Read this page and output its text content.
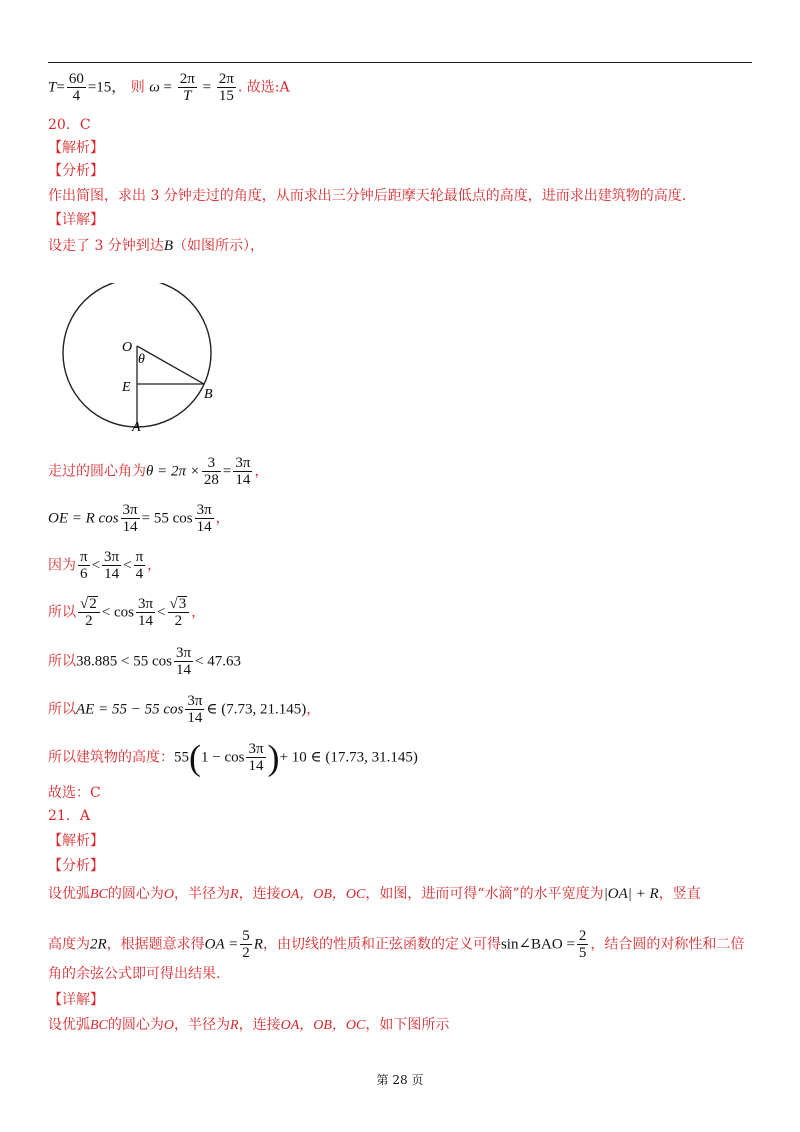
$T= \frac{60}{4} =15$， 则 $\omega = \frac{2\pi}{T} = \frac{2\pi}{15}$ . 故选:A
20．C
【解析】
【分析】
作出简图，求出 3 分钟走过的角度，从而求出三分钟后距摩天轮最低点的高度，进而求出建筑物的高度.
【详解】
设走了 3 分钟到达B（如图所示），
O
θ
E	B
A
走过的圆心角为$\theta = 2\pi \times \frac{3}{28} = \frac{3\pi}{14}$ ，
OE = R $\cos \frac{3\pi}{14} = 55$ $\cos \frac{3\pi}{14}$ ，
因为 $\frac{\pi}{6} < \frac{3\pi}{14} < \frac{\pi}{4}$ ，
所以 $\frac{√2}{2} < \cos \frac{3\pi}{14} < \frac{√3}{2}$ ，
所以38.885 < 55 $\cos \frac{3\pi}{14} < 47.63$
所以AE = 55 − 55 $\cos \frac{3\pi}{14}$ ∈ (7.73, 21.145)，
所以建筑物的高度：$55(1 - \cos \frac{3\pi}{14}$ )+ 10 ∈ (17.73, 31.145)
故选：C
21．A
【解析】
【分析】
设优弧BC的圆心为O，半径为R，连接OA，OB，OC，如图，进而可得“水滴”的水平宽度为|OA| + R，竖直
高度为2R，根据题意求得OA = $\frac{5}{2}$ R，由切线的性质和正弦函数的定义可得sin∠BAO = $\frac{2}{5}$ ，结合圆的对称性和二倍
角的余弦公式即可得出结果.
【详解】
设优弧BC的圆心为O，半径为R，连接OA，OB，OC，如下图所示
第 28 页
